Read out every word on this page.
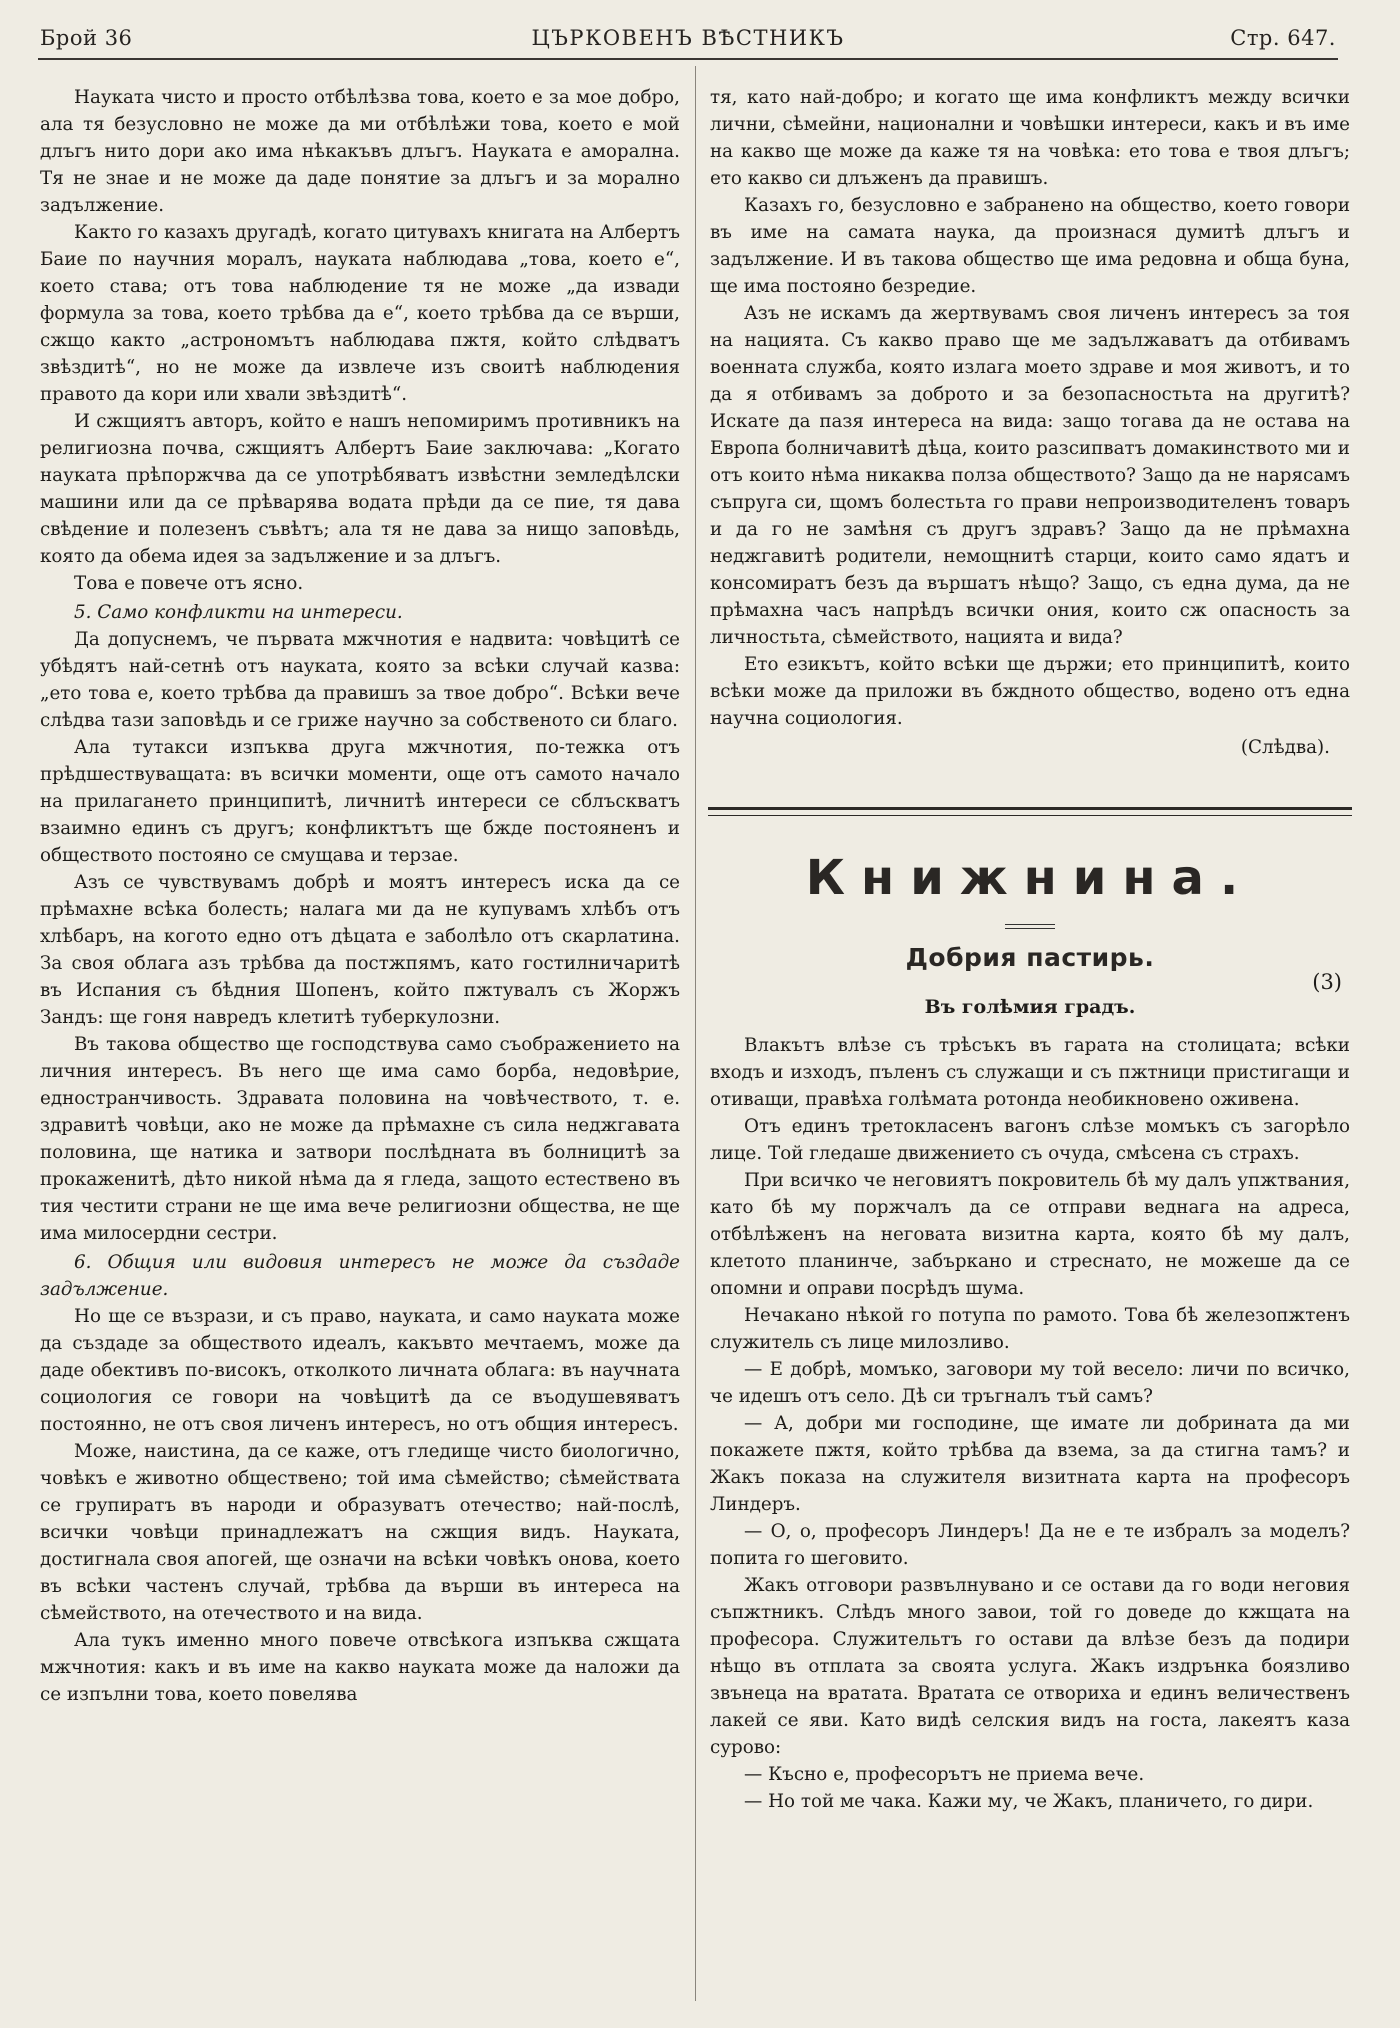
Брой 36	ЦЪРКОВЕНЪ ВѢСТНИКЪ	Стр. 647.

Науката чисто и просто отбѣлѣзва това, което е за мое добро, ала тя безусловно не може да ми отбѣлѣжи това, което е мой длъгъ нито дори ако има нѣкакъвъ длъгъ. Науката е аморална. Тя не знае и не може да даде понятие за длъгъ и за морално задължение.

Както го казахъ другадѣ, когато цитувахъ книгата на Албертъ Баие по научния моралъ, науката наблюдава „това, което е“, което става; отъ това наблюдение тя не може „да извади формула за това, което трѣбва да е“, което трѣбва да се върши, сжщо както „астрономътъ наблюдава пжтя, който слѣдватъ звѣздитѣ“, но не може да извлече изъ своитѣ наблюдения правото да кори или хвали звѣздитѣ“.

И сжщиятъ авторъ, който е нашъ непомиримъ противникъ на религиозна почва, сжщиятъ Албертъ Баие заключава: „Когато науката прѣпоржчва да се употрѣбяватъ извѣстни земледѣлски машини или да се прѣварява водата прѣди да се пие, тя дава свѣдение и полезенъ съвѣтъ; ала тя не дава за нищо заповѣдь, която да обема идея за задължение и за длъгъ.

Това е повече отъ ясно.

5. Само конфликти на интереси.

Да допуснемъ, че първата мжчнотия е надвита: човѣцитѣ се убѣдятъ най-сетнѣ отъ науката, която за всѣки случай казва: „ето това е, което трѣбва да правишъ за твое добро“. Всѣки вече слѣдва тази заповѣдь и се грижe научно за собственото си благо.

Ала тутакси изпъква друга мжчнотия, по-тежка отъ прѣдшествуващата: въ всички моменти, още отъ самото начало на прилагането принципитѣ, личнитѣ интереси се сблъскватъ взаимно единъ съ другъ; конфликтътъ ще бжде постояненъ и обществото постояно се смущава и терзае.

Азъ се чувствувамъ добрѣ и моятъ интересъ иска да се прѣмахне всѣка болесть; налага ми да не купувамъ хлѣбъ отъ хлѣбаръ, на когото едно отъ дѣцата е заболѣло отъ скарлатина. За своя облага азъ трѣбва да постжпямъ, като гостилничаритѣ въ Испания съ бѣдния Шопенъ, който пжтувалъ съ Жоржъ Зандъ: ще гоня навредъ клетитѣ туберкулозни.

Въ такова общество ще господствува само съображението на личния интересъ. Въ него ще има само борба, недовѣрие, едностранчивость. Здравата половина на човѣчеството, т. е. здравитѣ човѣци, ако не може да прѣмахне съ сила неджгавата половина, ще натика и затвори послѣдната въ болницитѣ за прокаженитѣ, дѣто никой нѣма да я гледа, защото естествено въ тия честити страни не ще има вече религиозни общества, не ще има милосердни сестри.

6. Общия или видовия интересъ не може да създаде задължение.

Но ще се възрази, и съ право, науката, и само науката може да създаде за обществото идеалъ, какъвто мечтаемъ, може да даде обективъ по-високъ, отколкото личната облага: въ научната социология се говори на човѣцитѣ да се въодушевяватъ постоянно, не отъ своя личенъ интересъ, но отъ общия интересъ.

Може, наистина, да се каже, отъ гледище чисто биологично, човѣкъ е животно обществено; той има сѣмейство; сѣмействата се групиратъ въ народи и образуватъ отечество; най-послѣ, всички човѣци принадлежатъ на сжщия видъ. Науката, достигнала своя апогей, ще означи на всѣки човѣкъ онова, което въ всѣки частенъ случай, трѣбва да върши въ интереса на сѣмейството, на отечеството и на вида.

Ала тукъ именно много повече отвсѣкога изпъква сжщата мжчнотия: какъ и въ име на какво науката може да наложи да се изпълни това, което повелява

тя, като най-добро; и когато ще има конфликтъ между всички лични, сѣмейни, национални и човѣшки интереси, какъ и въ име на какво ще може да каже тя на човѣка: ето това е твоя длъгъ; ето какво си длъженъ да правишъ.

Казахъ го, безусловно е забранено на общество, което говори въ име на самата наука, да произнася думитѣ длъгъ и задължение. И въ такова общество ще има редовна и обща буна, ще има постояно безредие.

Азъ не искамъ да жертвувамъ своя личенъ интересъ за тоя на нацията. Съ какво право ще ме задължаватъ да отбивамъ военната служба, която излага моето здраве и моя животъ, и то да я отбивамъ за доброто и за безопасностьта на другитѣ? Искате да пазя интереса на вида: защо тогава да не остава на Европа болничавитѣ дѣца, които разсипватъ домакинството ми и отъ които нѣма никаква полза обществото? Защо да не нарясамъ съпруга си, щомъ болестьта го прави непроизводителенъ товаръ и да го не замѣня съ другъ здравъ? Защо да не прѣмахна неджгавитѣ родители, немощнитѣ старци, които само ядатъ и консомиратъ безъ да вършатъ нѣщо? Защо, съ една дума, да не прѣмахна часъ напрѣдъ всички ония, които сж опасность за личностьта, сѣмейството, нацията и вида?

Ето езикътъ, който всѣки ще държи; ето принципитѣ, които всѣки може да приложи въ бждното общество, водено отъ една научна социология.

(Слѣдва).
Книжнина.
Добрия пастирь.
(3)
Въ голѣмия градъ.

Влакътъ влѣзе съ трѣсъкъ въ гарата на столицата; всѣки входъ и изходъ, пъленъ съ служащи и съ пжтници пристигащи и отиващи, правѣха голѣмата ротонда необикновено оживена.

Отъ единъ третокласенъ вагонъ слѣзе момъкъ съ загорѣло лице. Той гледаше движението съ очуда, смѣсена съ страхъ.

При всичко че неговиятъ покровитель бѣ му далъ упжтвания, като бѣ му поржчалъ да се отправи веднага на адреса, отбѣлѣженъ на неговата визитна карта, която бѣ му далъ, клетото планинче, забъркано и стреснато, не можеше да се опомни и оправи посрѣдъ шума.

Нечакано нѣкой го потупа по рамото. Това бѣ железопжтенъ служитель съ лице милозливо.

— Е добрѣ, момъко, заговори му той весело: личи по всичко, че идешъ отъ село. Дѣ си тръгналъ тъй самъ?

— А, добри ми господине, ще имате ли добрината да ми покажете пжтя, който трѣбва да взема, за да стигна тамъ? и Жакъ показа на служителя визитната карта на професоръ Линдеръ.

— О, о, професоръ Линдеръ! Да не е те избралъ за моделъ? попита го шеговито.

Жакъ отговори развълнувано и се остави да го води неговия съпжтникъ. Слѣдъ много завои, той го доведе до кжщата на професора. Служительтъ го остави да влѣзе безъ да подири нѣщо въ отплата за своята услуга. Жакъ издрънка боязливо звънеца на вратата. Вратата се отвориха и единъ величественъ лакей се яви. Като видѣ селския видъ на госта, лакеятъ каза сурово:

— Късно е, професорътъ не приема вече.

— Но той ме чака. Кажи му, че Жакъ, планичето, го дири.
